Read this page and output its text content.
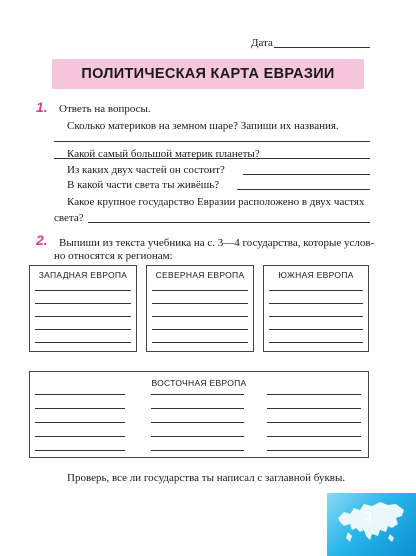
Дата
ПОЛИТИЧЕСКАЯ КАРТА ЕВРАЗИИ
1. Ответь на вопросы.
Сколько материков на земном шаре? Запиши их названия.
Какой самый большой материк планеты?
Из каких двух частей он состоит?
В какой части света ты живёшь?
Какое крупное государство Евразии расположено в двух частях
света?
2. Выпиши из текста учебника на с. 3—4 государства, которые услов-
но относятся к регионам:
ЗАПАДНАЯ ЕВРОПА	СЕВЕРНАЯ ЕВРОПА	ЮЖНАЯ ЕВРОПА
ВОСТОЧНАЯ ЕВРОПА
Проверь, все ли государства ты написал с заглавной буквы.
3
